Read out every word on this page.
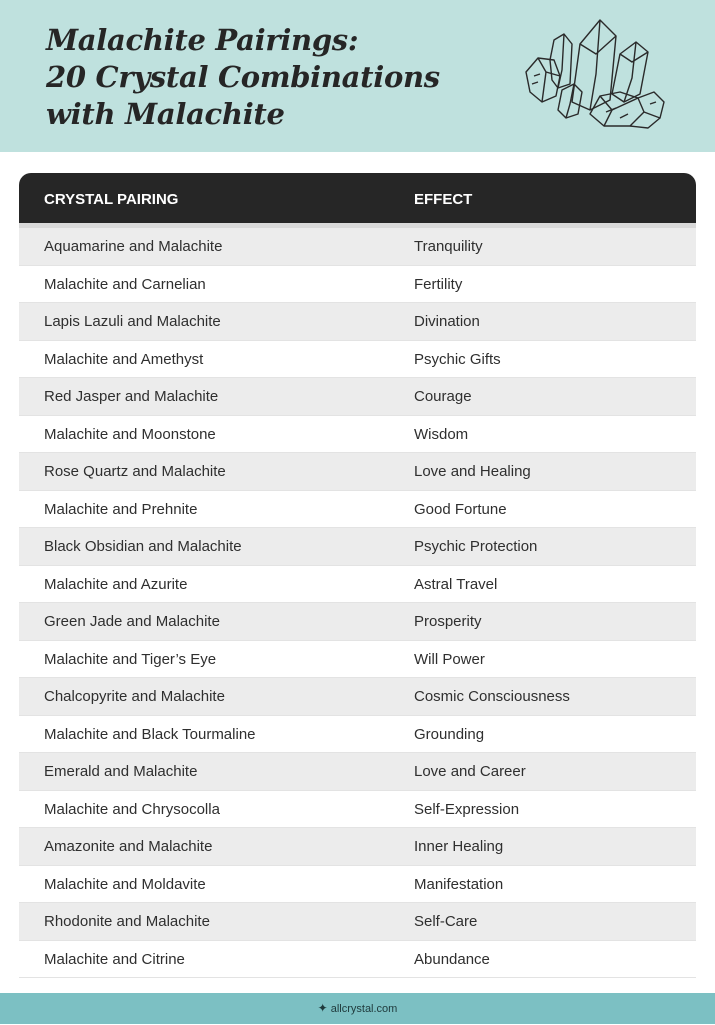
Malachite Pairings:
20 Crystal Combinations
with Malachite
CRYSTAL PAIRING	EFFECT
Aquamarine and Malachite	Tranquility
Malachite and Carnelian	Fertility
Lapis Lazuli and Malachite	Divination
Malachite and Amethyst	Psychic Gifts
Red Jasper and Malachite	Courage
Malachite and Moonstone	Wisdom
Rose Quartz and Malachite	Love and Healing
Malachite and Prehnite	Good Fortune
Black Obsidian and Malachite	Psychic Protection
Malachite and Azurite	Astral Travel
Green Jade and Malachite	Prosperity
Malachite and Tiger’s Eye	Will Power
Chalcopyrite and Malachite	Cosmic Consciousness
Malachite and Black Tourmaline	Grounding
Emerald and Malachite	Love and Career
Malachite and Chrysocolla	Self-Expression
Amazonite and Malachite	Inner Healing
Malachite and Moldavite	Manifestation
Rhodonite and Malachite	Self-Care
Malachite and Citrine	Abundance
✦ allcrystal.com
